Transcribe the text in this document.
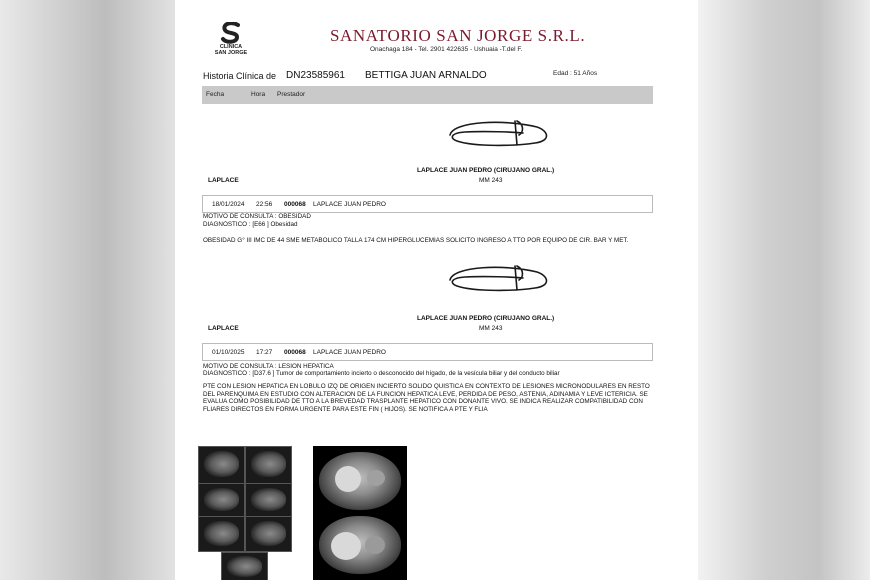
CLÍNICA
SAN JORGE
SANATORIO SAN JORGE S.R.L.
Onachaga 184 - Tel. 2901 422635 - Ushuaia -T.del F.
Historia Clínica de DN23585961 BETTIGA JUAN ARNALDO	Edad : 51 Años
Fecha	Hora Prestador
LAPLACE JUAN PEDRO (CIRUJANO GRAL.)
MM 243
LAPLACE
18/01/2024 22:56 000068 LAPLACE JUAN PEDRO
MOTIVO DE CONSULTA : OBESIDAD
DIAGNOSTICO : [E66 ] Obesidad
OBESIDAD G° III IMC DE 44 SME METABOLICO TALLA 174 CM HIPERGLUCEMIAS SOLICITO INGRESO A TTO POR EQUIPO DE CIR. BAR Y MET.
LAPLACE JUAN PEDRO (CIRUJANO GRAL.)
MM 243
LAPLACE
01/10/2025 17:27 000068 LAPLACE JUAN PEDRO
MOTIVO DE CONSULTA : LESION HEPATICA
DIAGNOSTICO : [D37.6 ] Tumor de comportamiento incierto o desconocido del hígado, de la vesícula biliar y del conducto biliar
PTE CON LESION HEPATICA EN LOBULO IZQ DE ORIGEN INCIERTO SOLIDO QUISTICA EN CONTEXTO DE LESIONES MICRONODULARES EN RESTO DEL PARENQUIMA EN ESTUDIO CON ALTERACION DE LA FUNCION HEPATICA LEVE, PERDIDA DE PESO, ASTENIA, ADINAMIA Y LEVE ICTERICIA. SE EVALUA COMO POSIBILIDAD DE TTO A LA BREVEDAD TRASPLANTE HEPATICO CON DONANTE VIVO. SE INDICA REALIZAR COMPATIBILIDAD CON FLIARES DIRECTOS EN FORMA URGENTE PARA ESTE FIN ( HIJOS). SE NOTIFICA A PTE Y FLIA
